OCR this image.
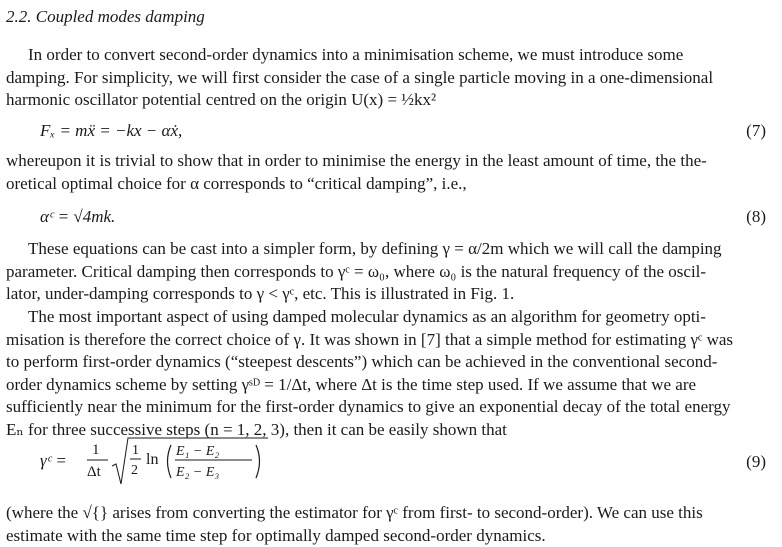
2.2. Coupled modes damping
In order to convert second-order dynamics into a minimisation scheme, we must introduce some
damping. For simplicity, we will first consider the case of a single particle moving in a one-dimensional
harmonic oscillator potential centred on the origin U(x) = ½kx²
Fₓ = mẍ = −kx − αẋ,	(7)
whereupon it is trivial to show that in order to minimise the energy in the least amount of time, the the-
oretical optimal choice for α corresponds to “critical damping”, i.e.,
αᶜ = √4mk.	(8)
These equations can be cast into a simpler form, by defining γ = α/2m which we will call the damping
parameter. Critical damping then corresponds to γᶜ = ω₀, where ω₀ is the natural frequency of the oscil-
lator, under-damping corresponds to γ < γᶜ, etc. This is illustrated in Fig. 1.
The most important aspect of using damped molecular dynamics as an algorithm for geometry opti-
misation is therefore the correct choice of γ. It was shown in [7] that a simple method for estimating γᶜ was
to perform first-order dynamics (“steepest descents”) which can be achieved in the conventional second-
order dynamics scheme by setting γˢᴰ = 1/Δt, where Δt is the time step used. If we assume that we are
sufficiently near the minimum for the first-order dynamics to give an exponential decay of the total energy
Eₙ for three successive steps (n = 1, 2, 3), then it can be easily shown that
γᶜ =
1
Δt
1
2
ln E₁ − E₂
E₂ − E₃
(9)
(where the √{} arises from converting the estimator for γᶜ from first- to second-order). We can use this
estimate with the same time step for optimally damped second-order dynamics.
